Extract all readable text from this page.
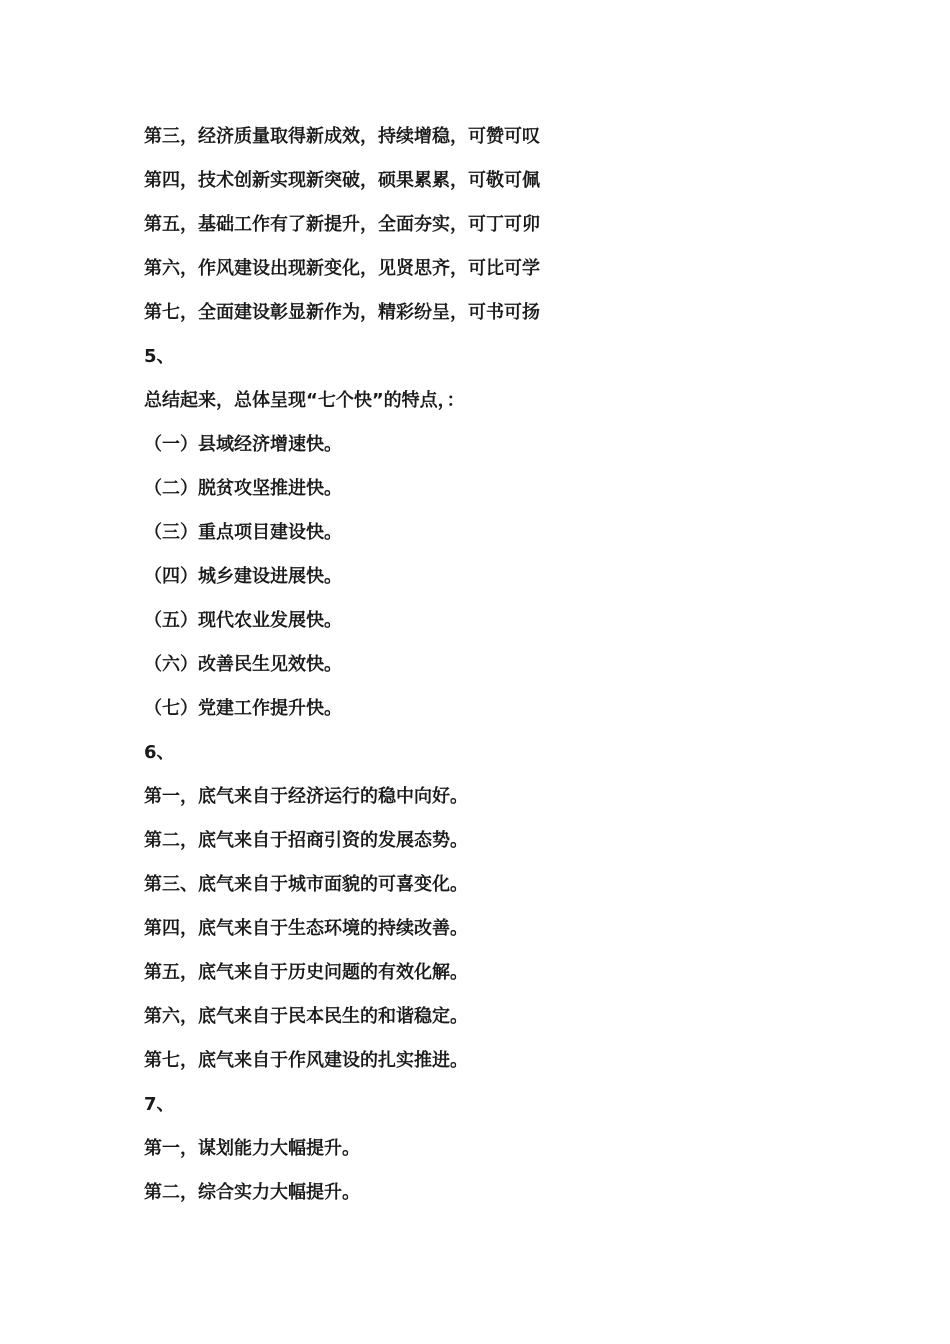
第三，经济质量取得新成效，持续增稳，可赞可叹
第四，技术创新实现新突破，硕果累累，可敬可佩
第五，基础工作有了新提升，全面夯实，可丁可卯
第六，作风建设出现新变化，见贤思齐，可比可学
第七，全面建设彰显新作为，精彩纷呈，可书可扬
5、
总结起来，总体呈现“七个快”的特点，：
（一）县域经济增速快。
（二）脱贫攻坚推进快。
（三）重点项目建设快。
（四）城乡建设进展快。
（五）现代农业发展快。
（六）改善民生见效快。
（七）党建工作提升快。
6、
第一，底气来自于经济运行的稳中向好。
第二，底气来自于招商引资的发展态势。
第三、底气来自于城市面貌的可喜变化。
第四，底气来自于生态环境的持续改善。
第五，底气来自于历史问题的有效化解。
第六，底气来自于民本民生的和谐稳定。
第七，底气来自于作风建设的扎实推进。
7、
第一，谋划能力大幅提升。
第二，综合实力大幅提升。
